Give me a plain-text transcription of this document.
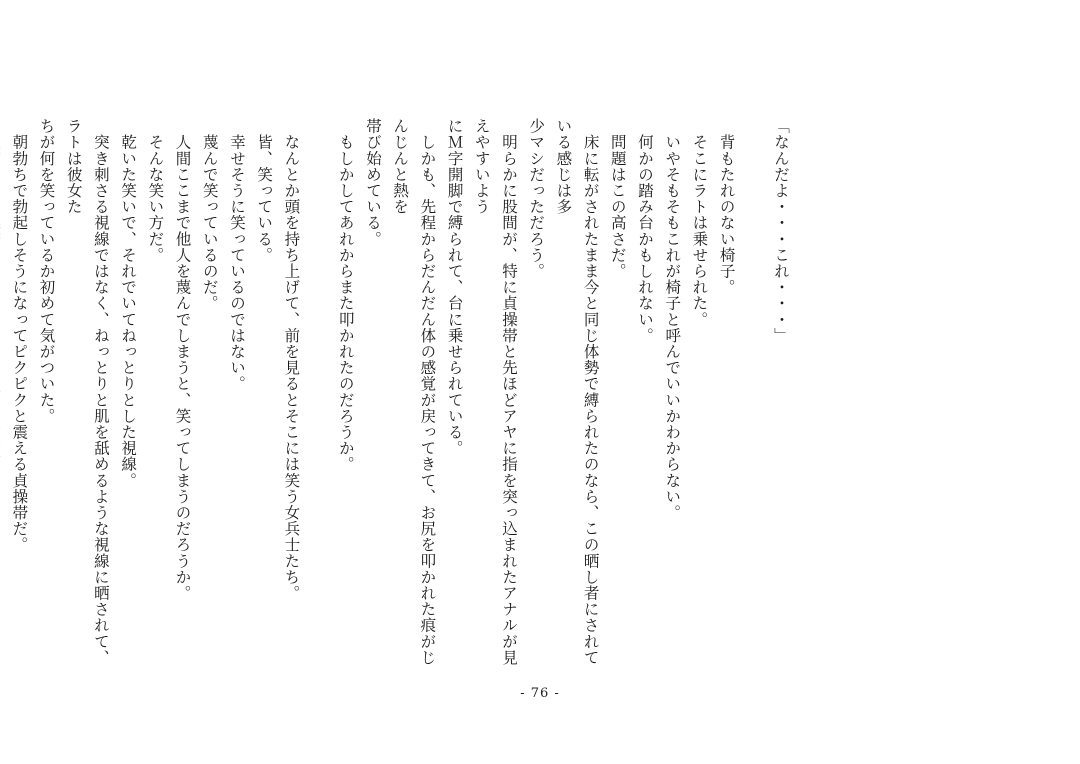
「なんだよ・・・これ・・・」

　背もたれのない椅子。
　そこにラトは乗せられた。
　いやそもそもこれが椅子と呼んでいいかわからない。
　何かの踏み台かもしれない。
　問題はこの高さだ。
　床に転がされたまま今と同じ体勢で縛られたのなら、この晒し者にされている感じは多
少マシだっただろう。
　明らかに股間が、特に貞操帯と先ほどアヤに指を突っ込まれたアナルが見えやすいよう
にＭ字開脚で縛られて、台に乗せられている。
　しかも、先程からだんだん体の感覚が戻ってきて、お尻を叩かれた痕がじんじんと熱を
帯び始めている。
　もしかしてあれからまた叩かれたのだろうか。

　なんとか頭を持ち上げて、前を見るとそこには笑う女兵士たち。
　皆、笑っている。
　幸せそうに笑っているのではない。
　蔑んで笑っているのだ。
　人間ここまで他人を蔑んでしまうと、笑ってしまうのだろうか。
　そんな笑い方だ。
　乾いた笑いで、それでいてねっとりとした視線。
　突き刺さる視線ではなく、ねっとりと肌を舐めるような視線に晒されて、ラトは彼女た
ちが何を笑っているか初めて気がついた。
　朝勃ちで勃起しそうになってピクピクと震える貞操帯だ。

- 76 -
